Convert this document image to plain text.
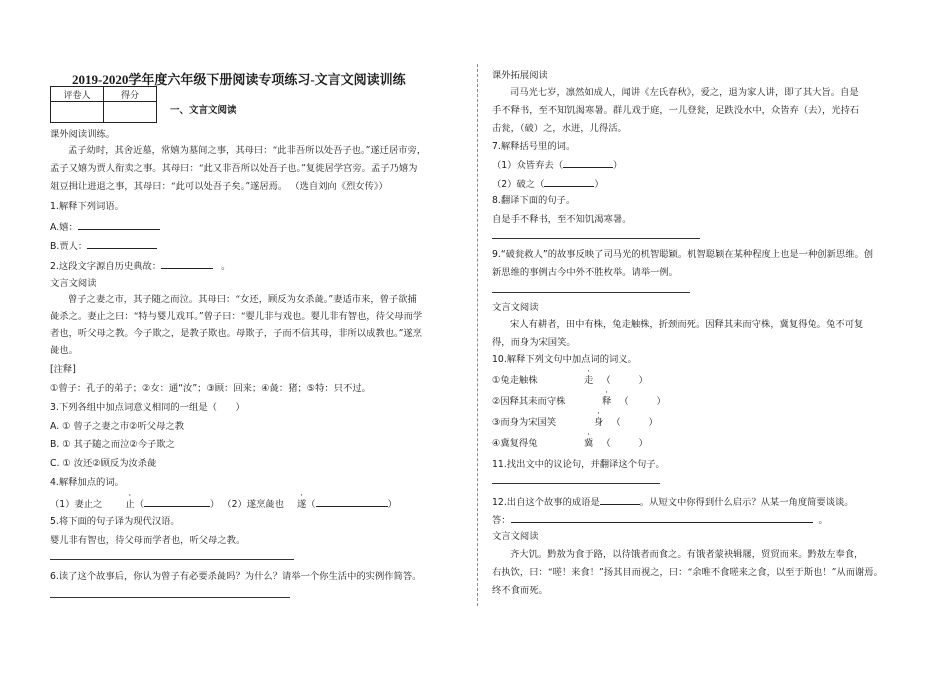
2019-2020学年度六年级下册阅读专项练习-文言文阅读训练
评卷人	得分

一、文言文阅读
课外阅读训练。
孟子幼时，其舍近墓，常嬉为墓间之事，其母曰：“此非吾所以处吾子也。”遂迁居市旁，
孟子又嬉为贾人衔卖之事。其母曰：“此又非吾所以处吾子也。”复徙居学宫旁。孟子乃嬉为
俎豆揖让进退之事，其母曰：“此可以处吾子矣。”遂居焉。 （选自刘向《烈女传》）
1.解释下列词语。
A.嬉：
B.贾人：
2.这段文字源自历史典故：	。
文言文阅读
曾子之妻之市，其子随之而泣。其母曰：“女还，顾反为女杀彘。”妻适市来，曾子欲捕
彘杀之。妻止之曰：“特与婴儿戏耳。”曾子曰：“婴儿非与戏也。婴儿非有智也，待父母而学
者也，听父母之教。今子欺之，是教子欺也。母欺子，子而不信其母，非所以成教也。”遂烹
彘也。
[注释]
①曾子：孔子的弟子；②女：通“汝”；③顾：回来；④彘：猪；⑤特：只不过。
3.下列各组中加点词意义相同的一组是（　　）
A. ① 曾子之妻之市②听父母之教
B. ① 其子随之而泣②今子欺之
C. ① 汝还②顾反为汝杀彘
4.解释加点的词。
（1）妻止之 止（	） （2）遂烹彘也 遂（	）
5.将下面的句子译为现代汉语。
婴儿非有智也，待父母而学者也，听父母之教。
6.读了这个故事后，你认为曾子有必要杀彘吗？为什么？请举一个你生活中的实例作简答。
课外拓展阅读
司马光七岁，凛然如成人，闻讲《左氏春秋》，爱之，退为家人讲，即了其大旨。自是
手不释书，至不知饥渴寒暑。群儿戏于庭，一儿登瓮，足跌没水中，众皆弃（去），光持石
击瓮，（破）之，水迸，儿得活。
7.解释括号里的词。
（1）众皆弃去（	）
（2）破之（	）
8.翻译下面的句子。
自是手不释书，至不知饥渴寒暑。
9.“破瓮救人”的故事反映了司马光的机智聪颖。机智聪颖在某种程度上也是一种创新思维。创
新思维的事例古今中外不胜枚举。请举一例。
文言文阅读
宋人有耕者，田中有株，兔走触株，折颈而死。因释其耒而守株，冀复得兔。兔不可复
得，而身为宋国笑。
10.解释下列文句中加点词的词义。
①兔走触株	走 （　　　）
②因释其耒而守株	释 （　　　）
③而身为宋国笑	身 （　　　）
④冀复得兔	冀 （　　　）
11.找出文中的议论句，并翻译这个句子。
12.出自这个故事的成语是	。从短文中你得到什么启示？从某一角度简要谈谈。
答：	。
文言文阅读
齐大饥。黔敖为食于路，以待饿者而食之。有饿者蒙袂辑屦，贸贸而来。黔敖左奉食，
右执饮，曰：“嗟！来食！”扬其目而视之，曰：“余唯不食嗟来之食，以至于斯也！”从而谢焉。
终不食而死。
